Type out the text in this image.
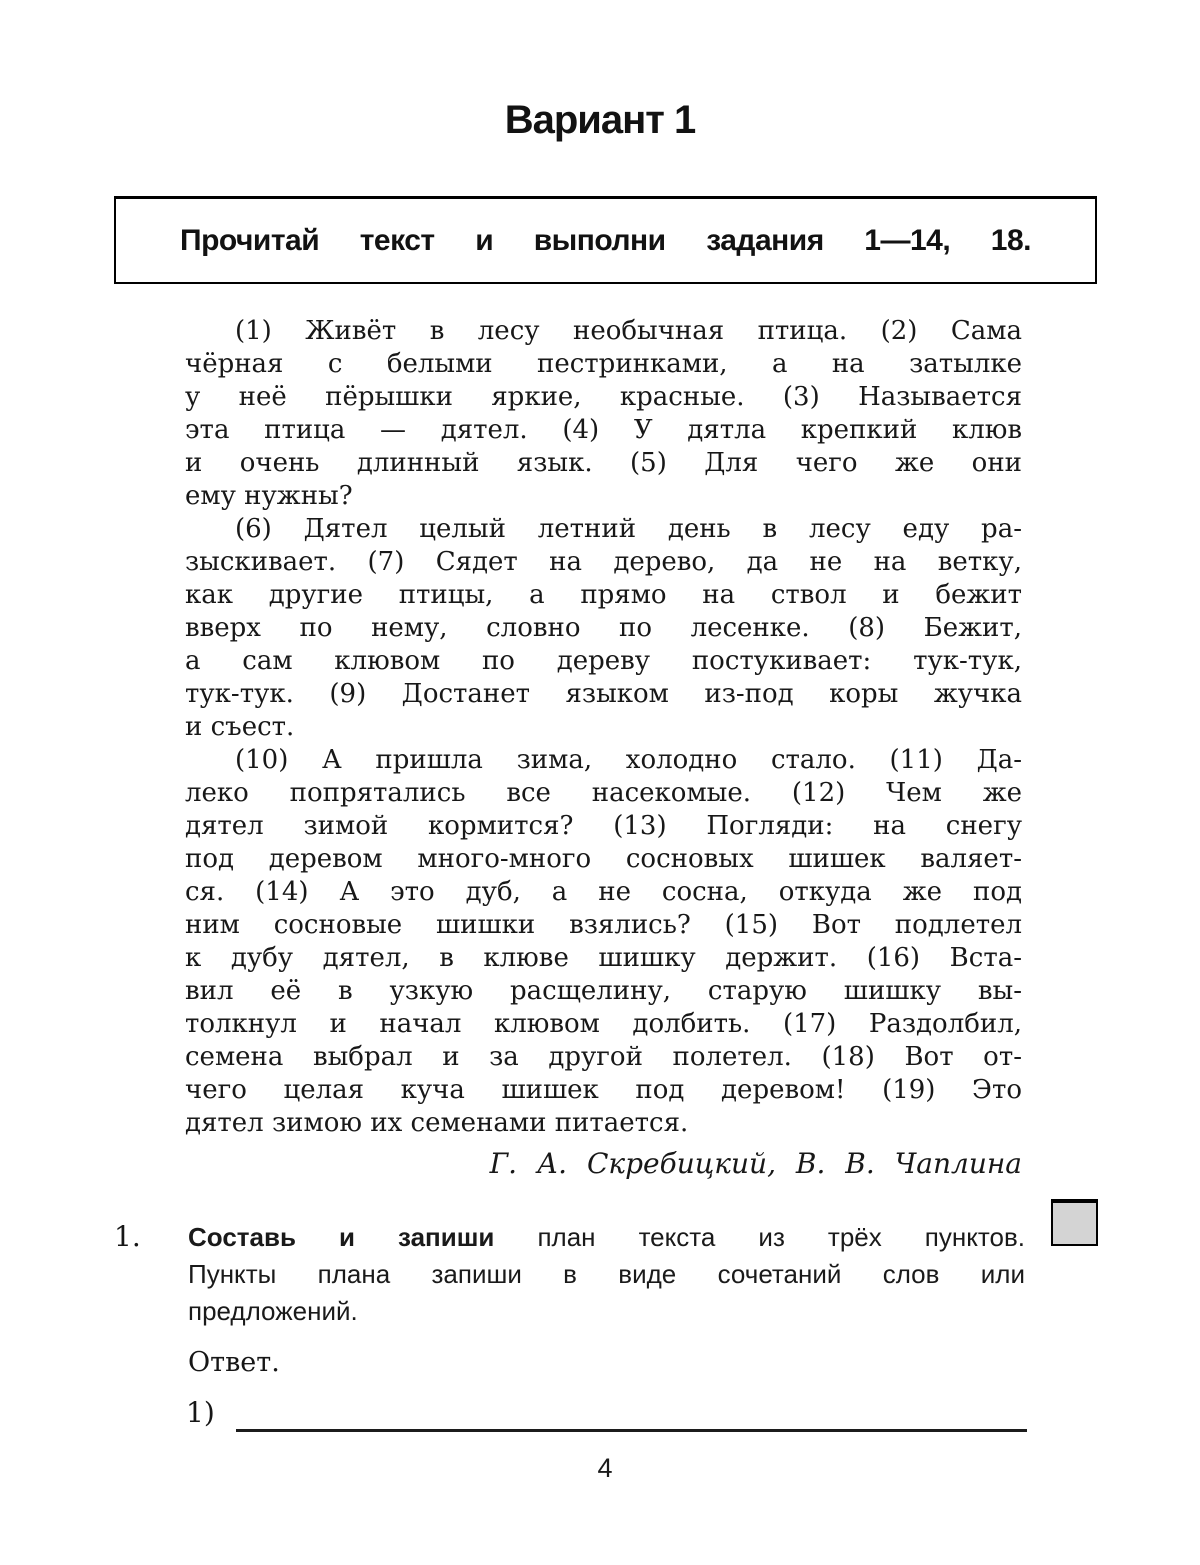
Вариант 1
Прочитай текст и выполни задания 1—14, 18.
(1) Живёт в лесу необычная птица. (2) Сама
чёрная с белыми пестринками, а на затылке
у неё пёрышки яркие, красные. (3) Называется
эта птица — дятел. (4) У дятла крепкий клюв
и очень длинный язык. (5) Для чего же они
ему нужны?
(6) Дятел целый летний день в лесу еду ра-
зыскивает. (7) Сядет на дерево, да не на ветку,
как другие птицы, а прямо на ствол и бежит
вверх по нему, словно по лесенке. (8) Бежит,
а сам клювом по дереву постукивает: тук-тук,
тук-тук. (9) Достанет языком из-под коры жучка
и съест.
(10) А пришла зима, холодно стало. (11) Да-
леко попрятались все насекомые. (12) Чем же
дятел зимой кормится? (13) Погляди: на снегу
под деревом много-много сосновых шишек валяет-
ся. (14) А это дуб, а не сосна, откуда же под
ним сосновые шишки взялись? (15) Вот подлетел
к дубу дятел, в клюве шишку держит. (16) Вста-
вил её в узкую расщелину, старую шишку вы-
толкнул и начал клювом долбить. (17) Раздолбил,
семена выбрал и за другой полетел. (18) Вот от-
чего целая куча шишек под деревом! (19) Это
дятел зимою их семенами питается.
Г. А. Скребицкий, В. В. Чаплина
1. Составь и запиши план текста из трёх пунктов.
Пункты плана запиши в виде сочетаний слов или
предложений.
Ответ.
1)
4
